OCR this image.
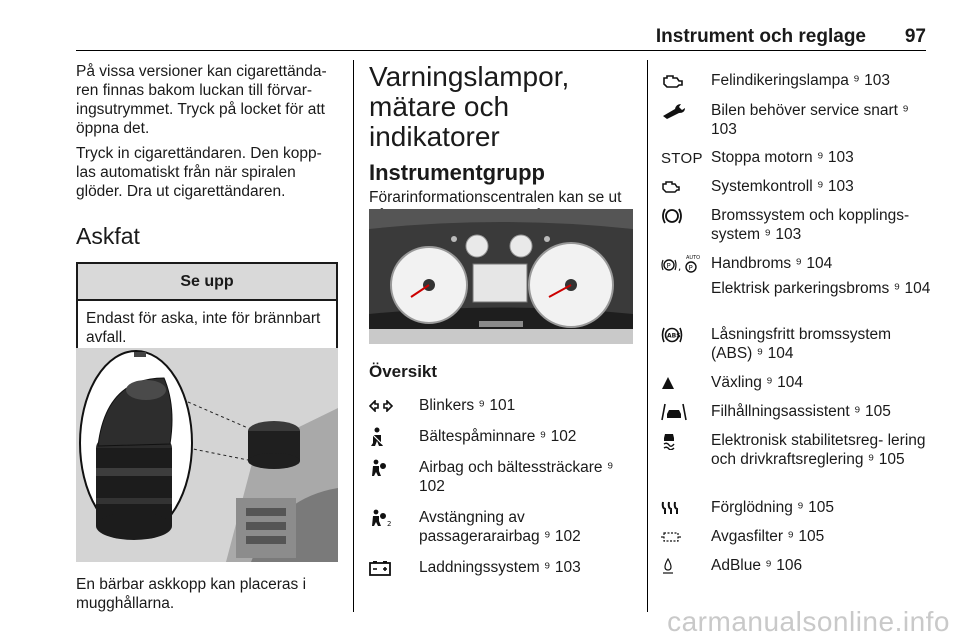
Instrument och reglage 97

På vissa versioner kan cigarettända- ren finnas bakom luckan till förvar- ingsutrymmet. Tryck på locket för att öppna det.

Tryck in cigarettändaren. Den kopp- las automatiskt från när spiralen glöder. Dra ut cigarettändaren.

Askfat
Se upp
Endast för aska, inte för brännbart avfall.
En bärbar askkopp kan placeras i mugghållarna.
Varningslampor, mätare och indikatorer
Instrumentgrupp

Förarinformationscentralen kan se ut

Översikt
Blinkers ⁹ 101
Bältespåminnare ⁹ 102
Airbag och bältessträckare ⁹ 102
2 Avstängning av passagerarairbag ⁹ 102
Laddningssystem ⁹ 103
Felindikeringslampa ⁹ 103
Bilen behöver service snart ⁹ 103
STOP Stoppa motorn ⁹ 103
Systemkontroll ⁹ 103
Bromssystem och kopplings- system ⁹ 103
P , P
AUTO Handbroms ⁹ 104
Elektrisk parkeringsbroms ⁹ 104
ABS Låsningsfritt bromssystem (ABS) ⁹ 104
Växling ⁹ 104
Filhållningsassistent ⁹ 105
Elektronisk stabilitetsreg- lering och drivkraftsreglering ⁹ 105
Förglödning ⁹ 105
Avgasfilter ⁹ 105
AdBlue ⁹ 106
carmanualsonline.info
